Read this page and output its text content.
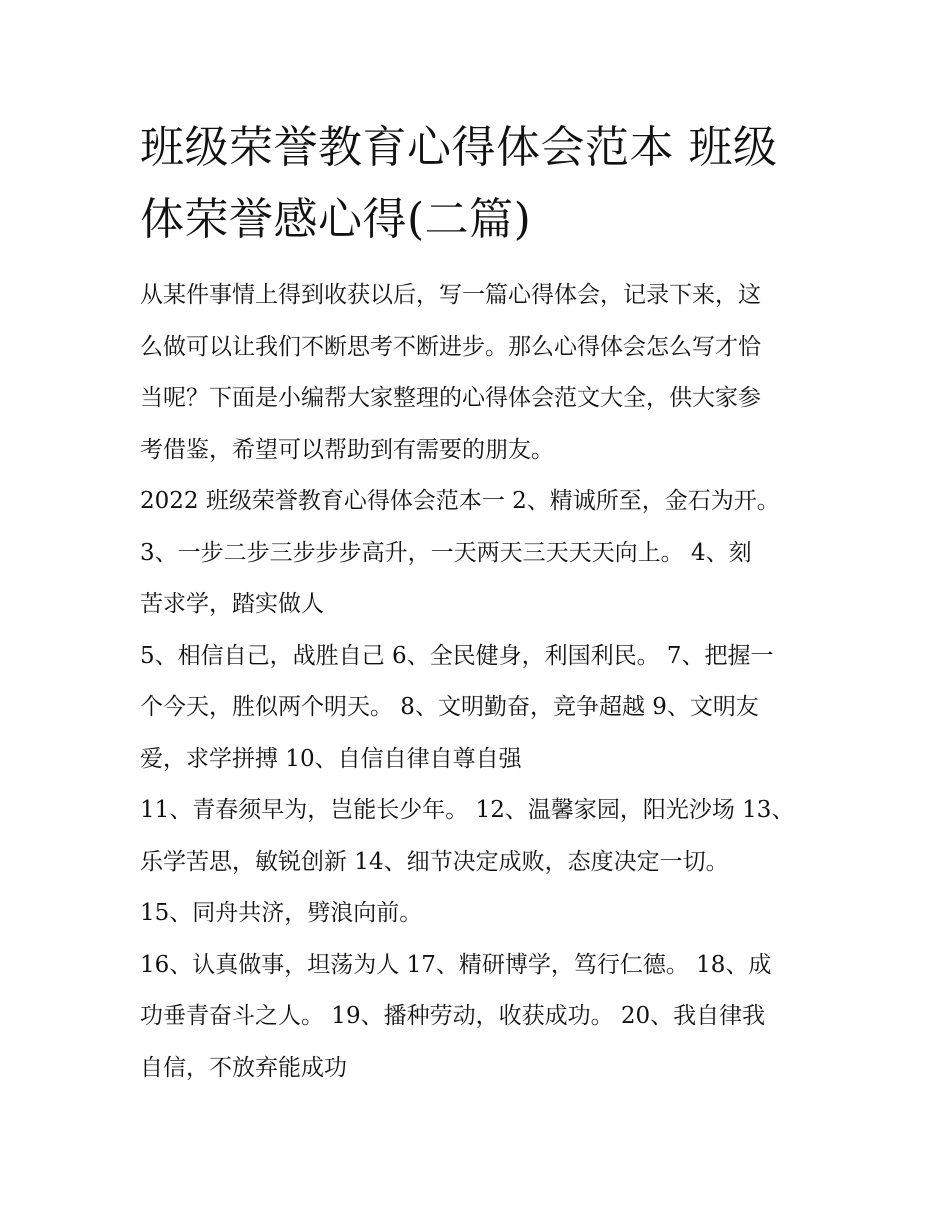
班级荣誉教育心得体会范本 班级体荣誉感心得(二篇)

从某件事情上得到收获以后，写一篇心得体会，记录下来，这
么做可以让我们不断思考不断进步。那么心得体会怎么写才恰
当呢？下面是小编帮大家整理的心得体会范文大全，供大家参
考借鉴，希望可以帮助到有需要的朋友。

2022 班级荣誉教育心得体会范本一 2、精诚所至，金石为开。

3、一步二步三步步步高升，一天两天三天天天向上。 4、刻
苦求学，踏实做人

5、相信自己，战胜自己 6、全民健身，利国利民。 7、把握一
个今天，胜似两个明天。 8、文明勤奋，竞争超越 9、文明友
爱，求学拼搏 10、自信自律自尊自强

11、青春须早为，岂能长少年。 12、温馨家园，阳光沙场 13、
乐学苦思，敏锐创新 14、细节决定成败，态度决定一切。

15、同舟共济，劈浪向前。

16、认真做事，坦荡为人 17、精研博学，笃行仁德。 18、成
功垂青奋斗之人。 19、播种劳动，收获成功。 20、我自律我
自信，不放弃能成功
